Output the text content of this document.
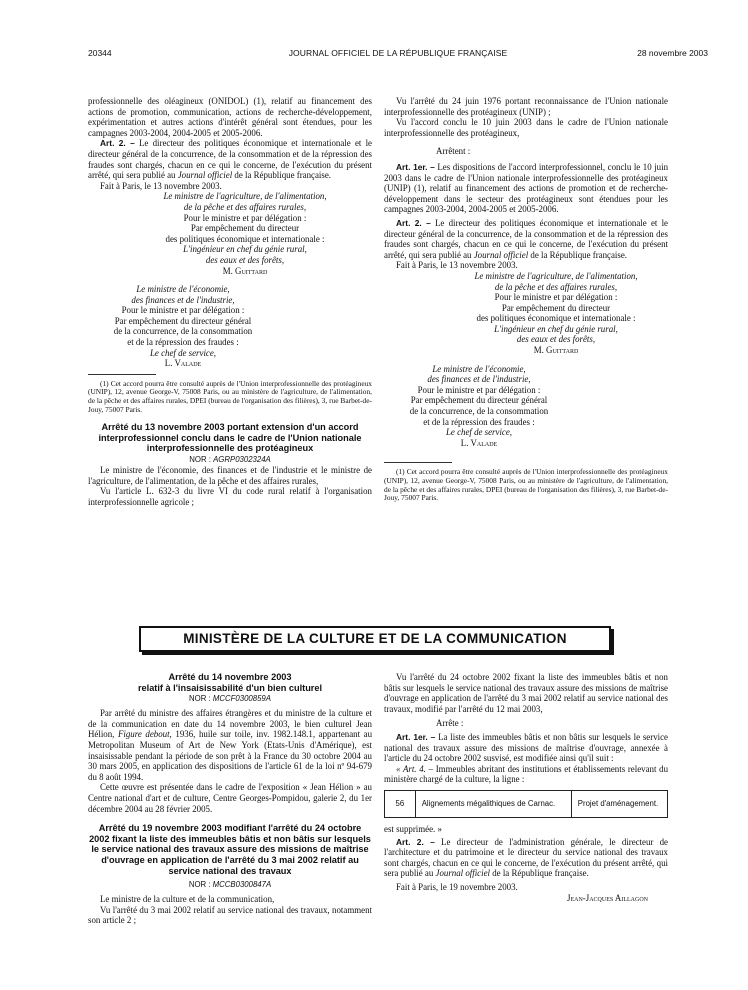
20344	JOURNAL OFFICIEL DE LA RÉPUBLIQUE FRANÇAISE	28 novembre 2003

professionnelle des oléagineux (ONIDOL) (1), relatif au financement des actions de promotion, communication, actions de recherche-développement, expérimentation et autres actions d'intérêt général sont étendues, pour les campagnes 2003-2004, 2004-2005 et 2005-2006.

Art. 2. – Le directeur des politiques économique et internationale et le directeur général de la concurrence, de la consommation et de la répression des fraudes sont chargés, chacun en ce qui le concerne, de l'exécution du présent arrêté, qui sera publié au Journal officiel de la République française.

Fait à Paris, le 13 novembre 2003.

Le ministre de l'agriculture, de l'alimentation,
de la pêche et des affaires rurales,
Pour le ministre et par délégation :
Par empêchement du directeur
des politiques économique et internationale :
L'ingénieur en chef du génie rural,
des eaux et des forêts,
M. Guittard
Le ministre de l'économie,
des finances et de l'industrie,
Pour le ministre et par délégation :
Par empêchement du directeur général
de la concurrence, de la consommation
et de la répression des fraudes :
Le chef de service,
L. Valade

(1) Cet accord pourra être consulté auprès de l'Union interprofessionnelle des protéagineux (UNIP), 12, avenue George-V, 75008 Paris, ou au ministère de l'agriculture, de l'alimentation, de la pêche et des affaires rurales, DPEI (bureau de l'organisation des filières), 3, rue Barbet-de-Jouy, 75007 Paris.

Arrêté du 13 novembre 2003 portant extension d'un accord interprofessionnel conclu dans le cadre de l'Union nationale interprofessionnelle des protéagineux

NOR : AGRP0302324A

Le ministre de l'économie, des finances et de l'industrie et le ministre de l'agriculture, de l'alimentation, de la pêche et des affaires rurales,

Vu l'article L. 632-3 du livre VI du code rural relatif à l'organisation interprofessionnelle agricole ;

Vu l'arrêté du 24 juin 1976 portant reconnaissance de l'Union nationale interprofessionnelle des protéagineux (UNIP) ;

Vu l'accord conclu le 10 juin 2003 dans le cadre de l'Union nationale interprofessionnelle des protéagineux,

Arrêtent :

Art. 1er. – Les dispositions de l'accord interprofessionnel, conclu le 10 juin 2003 dans le cadre de l'Union nationale interprofessionnelle des protéagineux (UNIP) (1), relatif au financement des actions de promotion et de recherche-développement dans le secteur des protéagineux sont étendues pour les campagnes 2003-2004, 2004-2005 et 2005-2006.

Art. 2. – Le directeur des politiques économique et internationale et le directeur général de la concurrence, de la consommation et de la répression des fraudes sont chargés, chacun en ce qui le concerne, de l'exécution du présent arrêté, qui sera publié au Journal officiel de la République française.

Fait à Paris, le 13 novembre 2003.

Le ministre de l'agriculture, de l'alimentation,
de la pêche et des affaires rurales,
Pour le ministre et par délégation :
Par empêchement du directeur
des politiques économique et internationale :
L'ingénieur en chef du génie rural,
des eaux et des forêts,
M. Guittard
Le ministre de l'économie,
des finances et de l'industrie,
Pour le ministre et par délégation :
Par empêchement du directeur général
de la concurrence, de la consommation
et de la répression des fraudes :
Le chef de service,
L. Valade

(1) Cet accord pourra être consulté auprès de l'Union interprofessionnelle des protéagineux (UNIP), 12, avenue George-V, 75008 Paris, ou au ministère de l'agriculture, de l'alimentation, de la pêche et des affaires rurales, DPEI (bureau de l'organisation des filières), 3, rue Barbet-de-Jouy, 75007 Paris.

MINISTÈRE DE LA CULTURE ET DE LA COMMUNICATION

Arrêté du 14 novembre 2003

relatif à l'insaisissabilité d'un bien culturel

NOR : MCCF0300859A

Par arrêté du ministre des affaires étrangères et du ministre de la culture et de la communication en date du 14 novembre 2003, le bien culturel Jean Hélion, Figure debout, 1936, huile sur toile, inv. 1982.148.1, appartenant au Metropolitan Museum of Art de New York (Etats-Unis d'Amérique), est insaisissable pendant la période de son prêt à la France du 30 octobre 2004 au 30 mars 2005, en application des dispositions de l'article 61 de la loi nº 94-679 du 8 août 1994.

Cette œuvre est présentée dans le cadre de l'exposition « Jean Hélion » au Centre national d'art et de culture, Centre Georges-Pompidou, galerie 2, du 1er décembre 2004 au 28 février 2005.

Arrêté du 19 novembre 2003 modifiant l'arrêté du 24 octobre 2002 fixant la liste des immeubles bâtis et non bâtis sur lesquels le service national des travaux assure des missions de maîtrise d'ouvrage en application de l'arrêté du 3 mai 2002 relatif au service national des travaux

NOR : MCCB0300847A

Le ministre de la culture et de la communication,

Vu l'arrêté du 3 mai 2002 relatif au service national des travaux, notamment son article 2 ;

Vu l'arrêté du 24 octobre 2002 fixant la liste des immeubles bâtis et non bâtis sur lesquels le service national des travaux assure des missions de maîtrise d'ouvrage en application de l'arrêté du 3 mai 2002 relatif au service national des travaux, modifié par l'arrêté du 12 mai 2003,

Arrête :

Art. 1er. – La liste des immeubles bâtis et non bâtis sur lesquels le service national des travaux assure des missions de maîtrise d'ouvrage, annexée à l'article du 24 octobre 2002 susvisé, est modifiée ainsi qu'il suit :

« Art. 4. – Immeubles abritant des institutions et établissements relevant du ministère chargé de la culture, la ligne :

56	Alignements mégalithiques de Carnac.	Projet d'aménagement.

est supprimée. »

Art. 2. – Le directeur de l'administration générale, le directeur de l'architecture et du patrimoine et le directeur du service national des travaux sont chargés, chacun en ce qui le concerne, de l'exécution du présent arrêté, qui sera publié au Journal officiel de la République française.

Fait à Paris, le 19 novembre 2003.

Jean-Jacques Aillagon
